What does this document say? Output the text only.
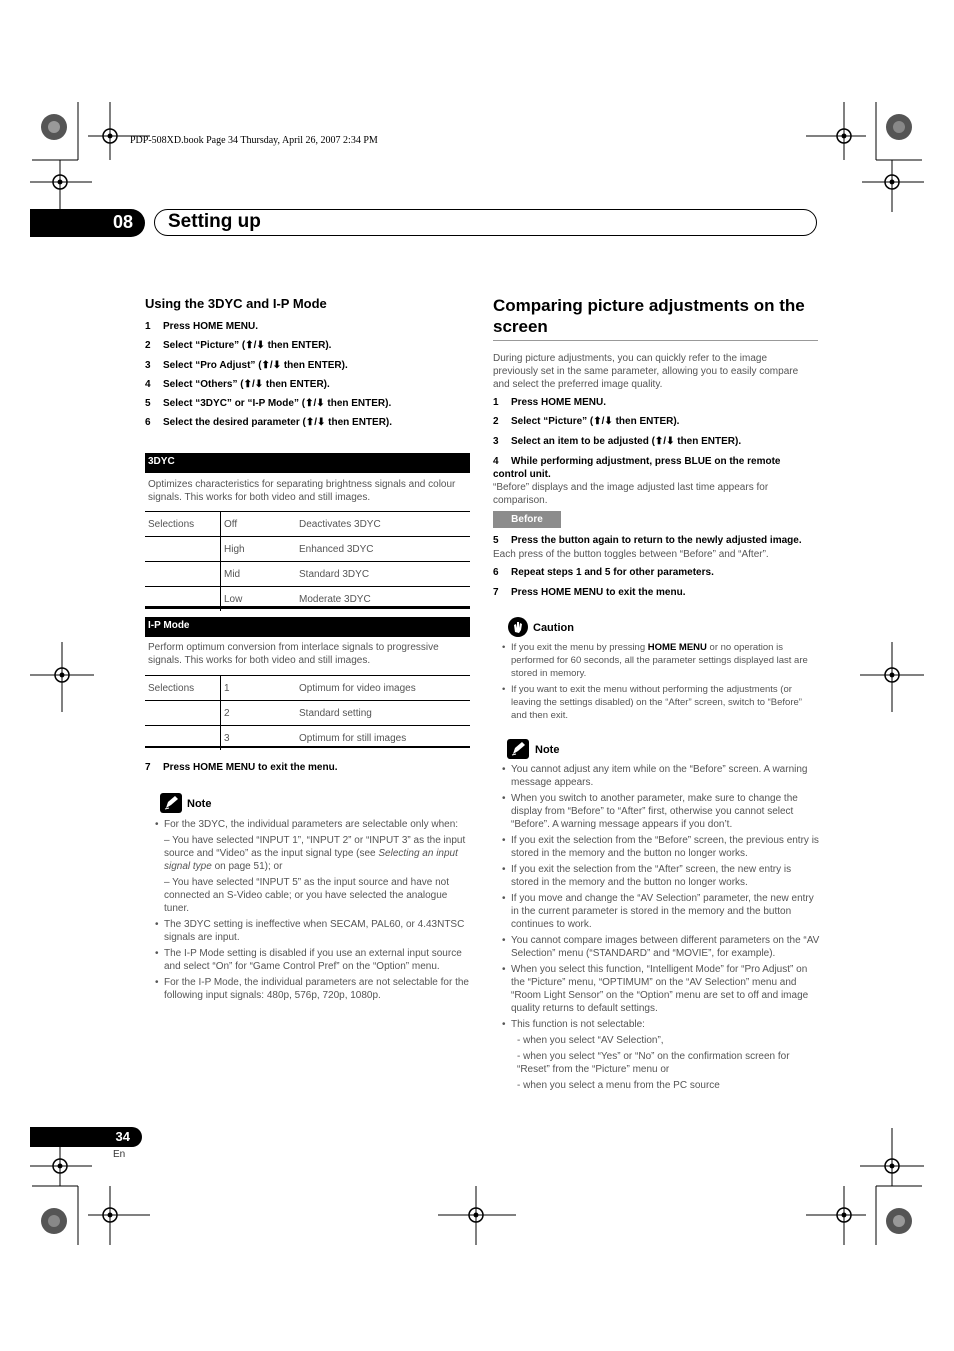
PDP-508XD.book Page 34 Thursday, April 26, 2007 2:34 PM
08	Setting up
Using the 3DYC and I-P Mode
1 Press HOME MENU.
2 Select “Picture” (⬆/⬇ then ENTER).
3 Select “Pro Adjust” (⬆/⬇ then ENTER).
4 Select “Others” (⬆/⬇ then ENTER).
5 Select “3DYC” or “I-P Mode” (⬆/⬇ then ENTER).
6 Select the desired parameter (⬆/⬇ then ENTER).
3DYC
Optimizes characteristics for separating brightness signals and colour signals. This works for both video and still images.
Selections	Off	Deactivates 3DYC
	High	Enhanced 3DYC
	Mid	Standard 3DYC
	Low	Moderate 3DYC
I-P Mode
Perform optimum conversion from interlace signals to progressive signals. This works for both video and still images.
Selections	1	Optimum for video images
	2	Standard setting
	3	Optimum for still images
7 Press HOME MENU to exit the menu.
Note
• For the 3DYC, the individual parameters are selectable only when:
– You have selected “INPUT 1”, “INPUT 2” or “INPUT 3” as the input source and “Video” as the input signal type (see Selecting an input signal type on page 51); or
– You have selected “INPUT 5” as the input source and have not connected an S-Video cable; or you have selected the analogue tuner.
• The 3DYC setting is ineffective when SECAM, PAL60, or 4.43NTSC signals are input.
• The I-P Mode setting is disabled if you use an external input source and select “On” for “Game Control Pref” on the “Option” menu.
• For the I-P Mode, the individual parameters are not selectable for the following input signals: 480p, 576p, 720p, 1080p.
Comparing picture adjustments on the screen
During picture adjustments, you can quickly refer to the image previously set in the same parameter, allowing you to easily compare and select the preferred image quality.
1 Press HOME MENU.
2 Select “Picture” (⬆/⬇ then ENTER).
3 Select an item to be adjusted (⬆/⬇ then ENTER).
4 While performing adjustment, press BLUE on the remote control unit.
“Before” displays and the image adjusted last time appears for comparison.
Before
5 Press the button again to return to the newly adjusted image.
Each press of the button toggles between “Before” and “After”.
6 Repeat steps 1 and 5 for other parameters.
7 Press HOME MENU to exit the menu.
Caution
• If you exit the menu by pressing HOME MENU or no operation is performed for 60 seconds, all the parameter settings displayed last are stored in memory.
• If you want to exit the menu without performing the adjustments (or leaving the settings disabled) on the “After” screen, switch to “Before” and then exit.
Note
• You cannot adjust any item while on the “Before” screen. A warning message appears.
• When you switch to another parameter, make sure to change the display from “Before” to “After” first, otherwise you cannot select “Before”. A warning message appears if you don’t.
• If you exit the selection from the “Before” screen, the previous entry is stored in the memory and the button no longer works.
• If you exit the selection from the “After” screen, the new entry is stored in the memory and the button no longer works.
• If you move and change the “AV Selection” parameter, the new entry in the current parameter is stored in the memory and the button continues to work.
• You cannot compare images between different parameters on the “AV Selection” menu (“STANDARD” and “MOVIE”, for example).
• When you select this function, “Intelligent Mode” for “Pro Adjust” on the “Picture” menu, “OPTIMUM” on the “AV Selection” menu and “Room Light Sensor” on the “Option” menu are set to off and image quality returns to default settings.
• This function is not selectable:
- when you select “AV Selection”,
- when you select “Yes” or “No” on the confirmation screen for “Reset” from the “Picture” menu or
- when you select a menu from the PC source
34
En
